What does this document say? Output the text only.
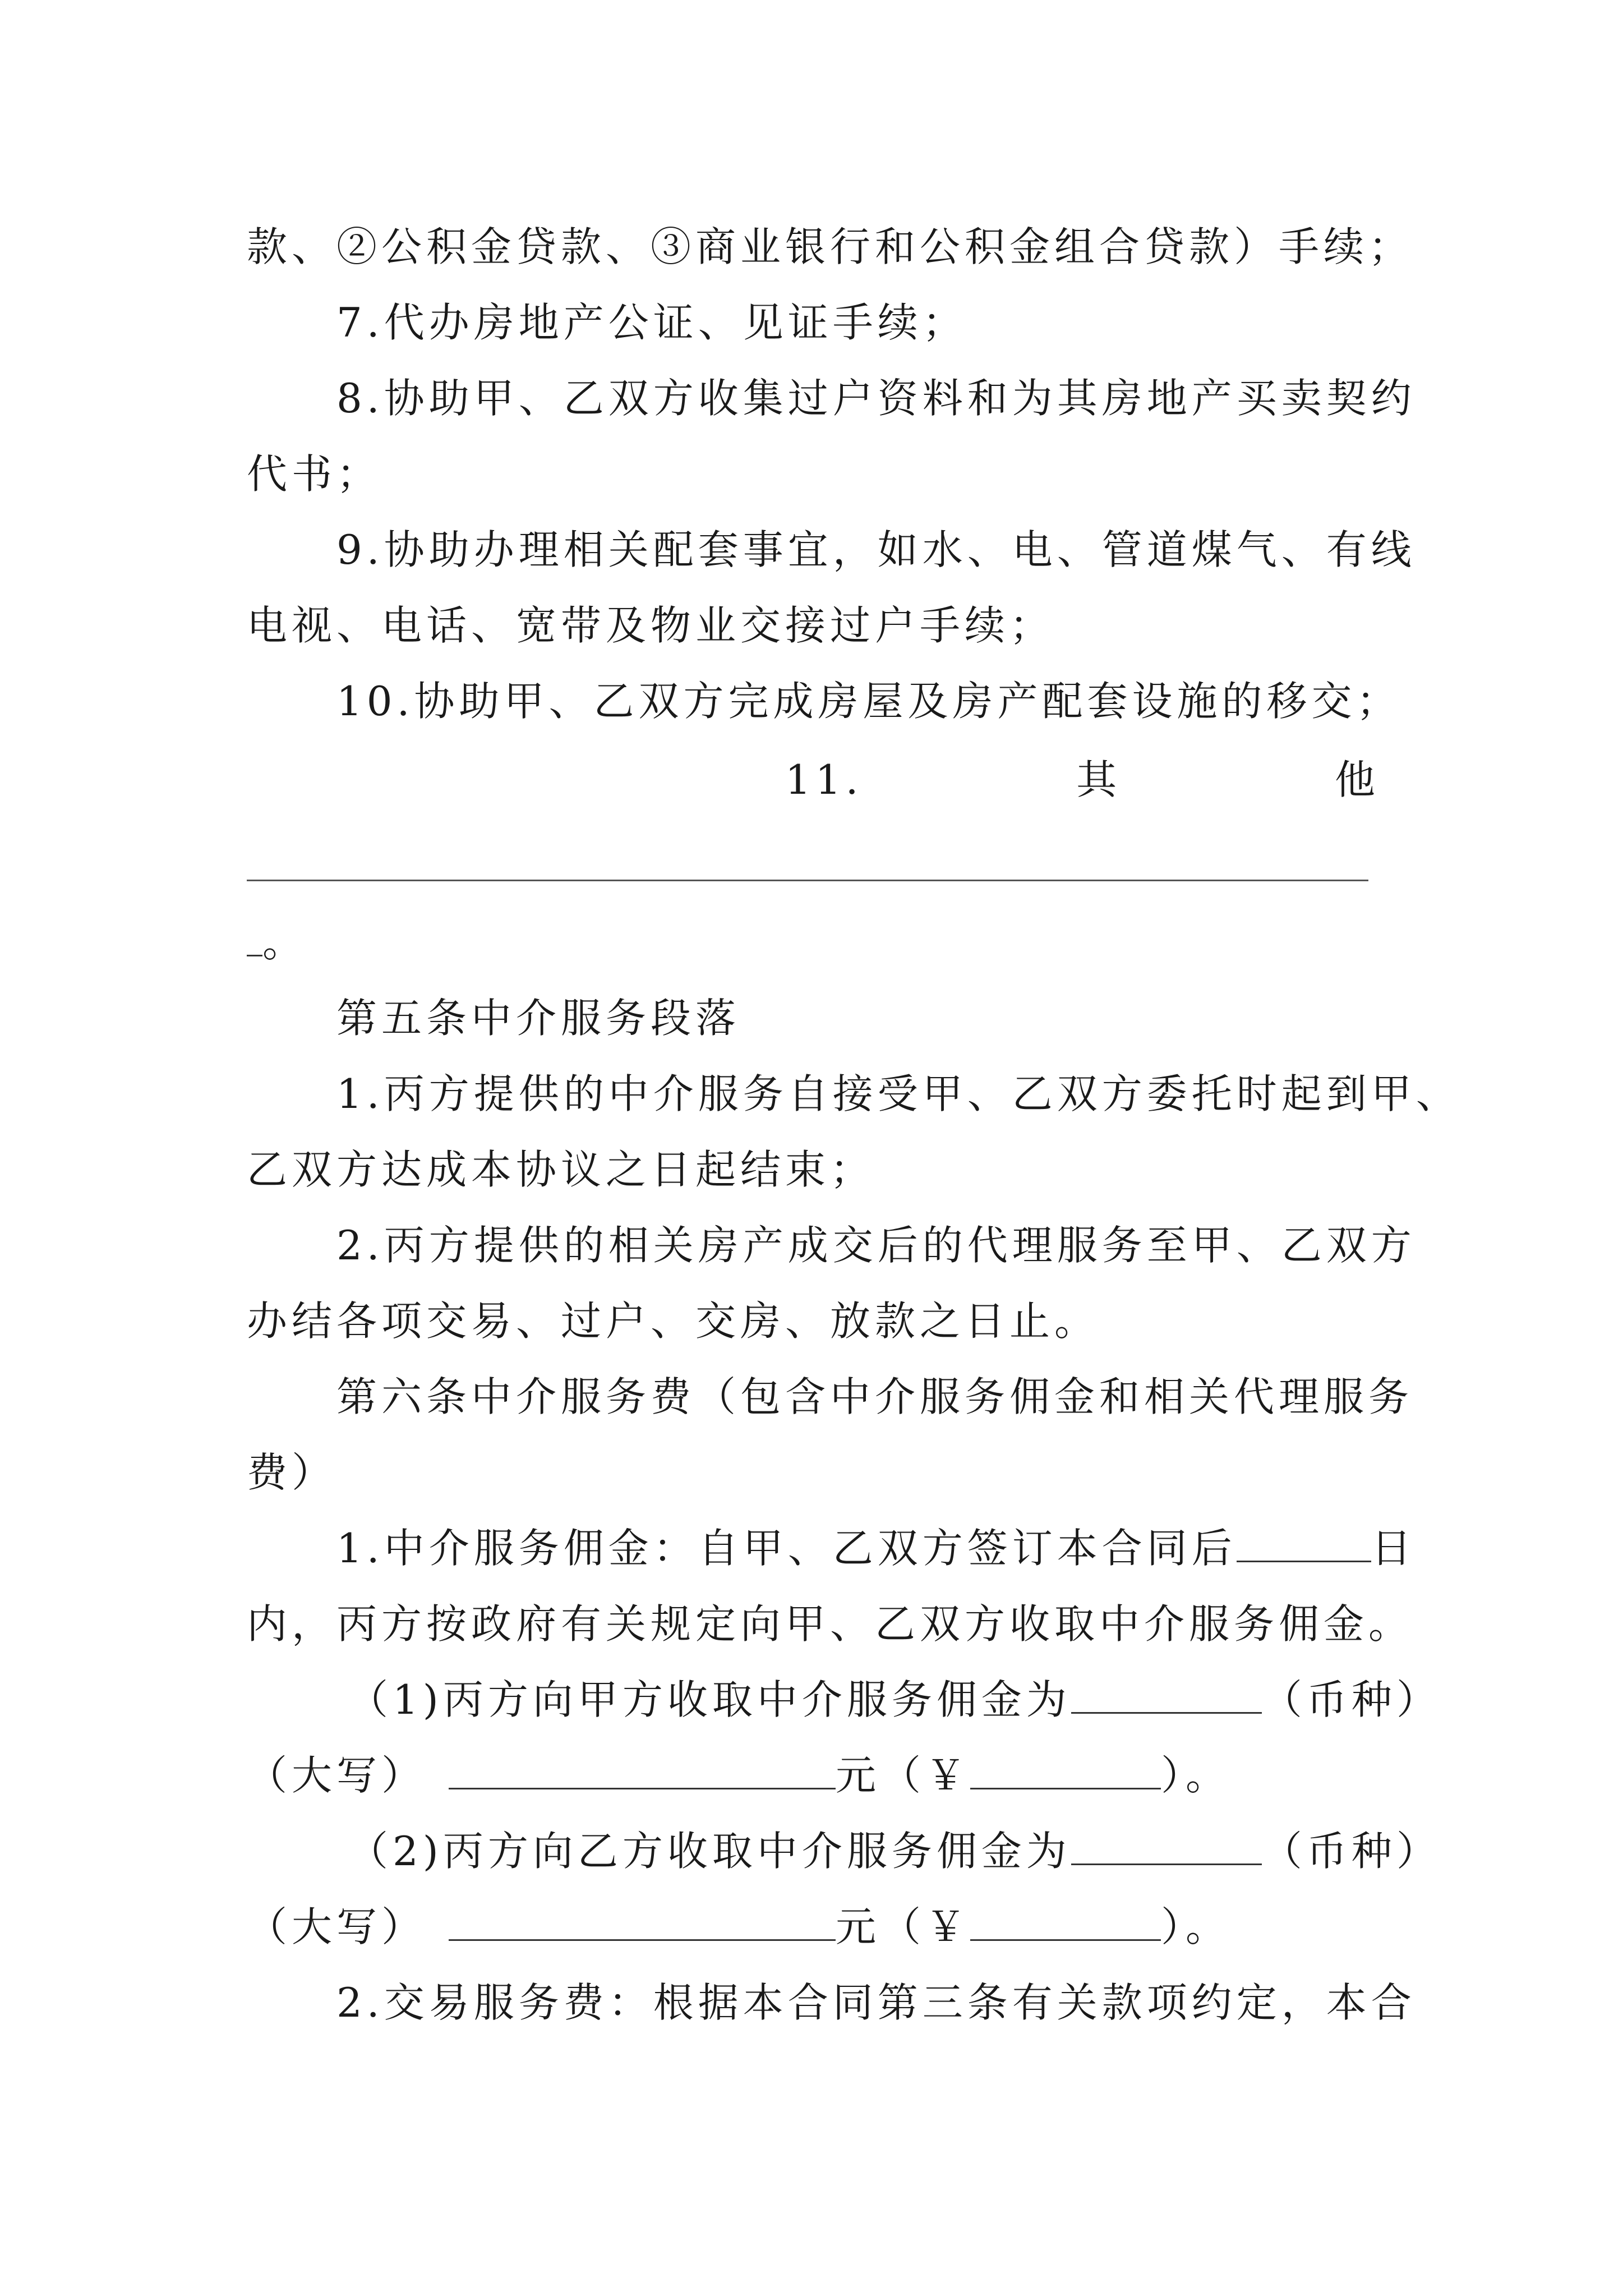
款、②公积金贷款、③商业银行和公积金组合贷款）手续；
7.代办房地产公证、见证手续；
8.协助甲、乙双方收集过户资料和为其房地产买卖契约
代书；
9.协助办理相关配套事宜，如水、电、管道煤气、有线
电视、电话、宽带及物业交接过户手续；
10.协助甲、乙双方完成房屋及房产配套设施的移交；
11.	其	他
。
第五条中介服务段落
1.丙方提供的中介服务自接受甲、乙双方委托时起到甲、
乙双方达成本协议之日起结束；
2.丙方提供的相关房产成交后的代理服务至甲、乙双方
办结各项交易、过户、交房、放款之日止。
第六条中介服务费（包含中介服务佣金和相关代理服务
费）
1.中介服务佣金：自甲、乙双方签订本合同后	日
内，丙方按政府有关规定向甲、乙双方收取中介服务佣金。
（1)丙方向甲方收取中介服务佣金为	（币种）
（大写）	元（￥	）。
（2)丙方向乙方收取中介服务佣金为	（币种）
（大写）	元（￥	）。
2.交易服务费：根据本合同第三条有关款项约定，本合
